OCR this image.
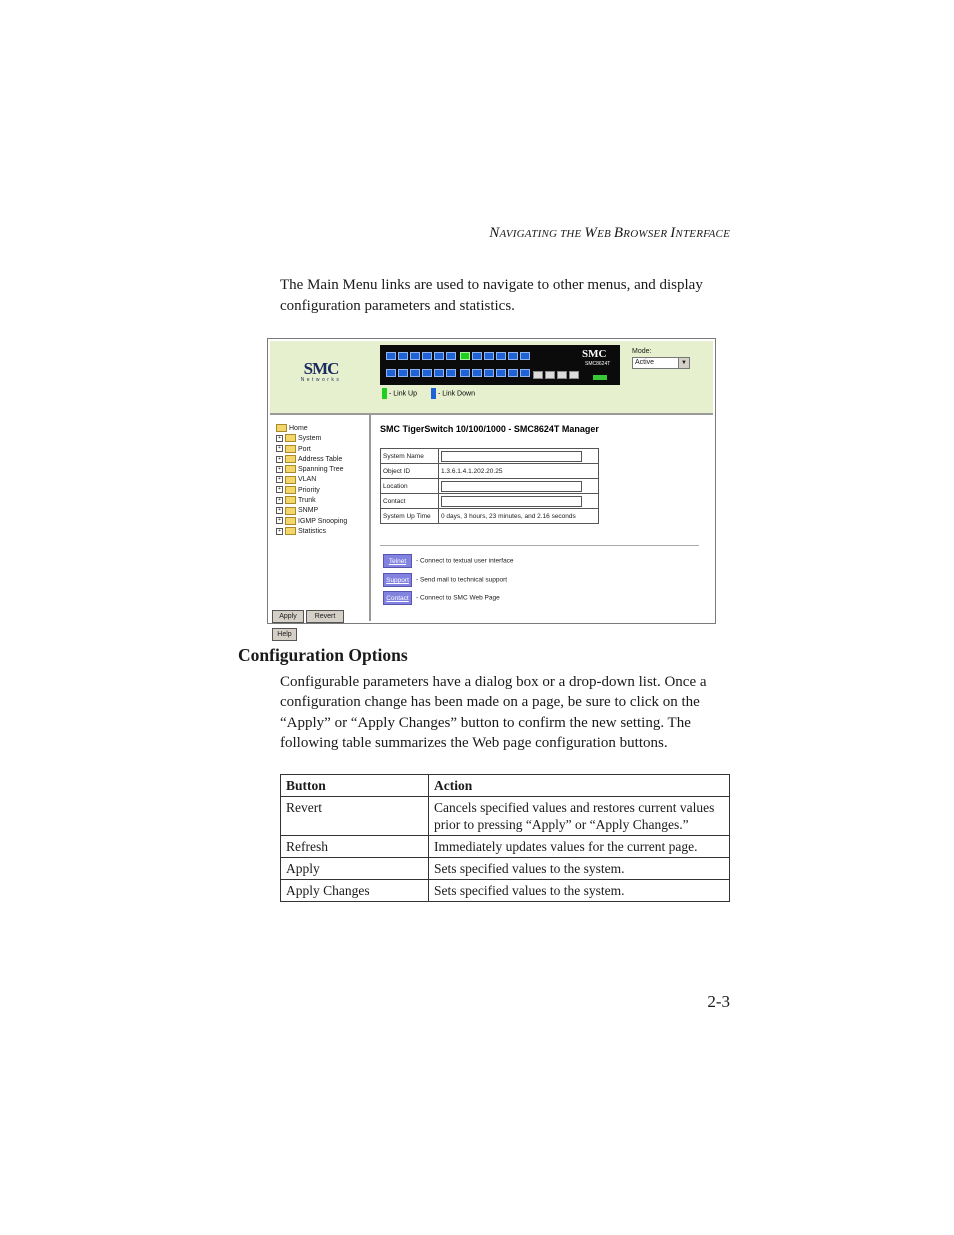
NAVIGATING THE WEB BROWSER INTERFACE
The Main Menu links are used to navigate to other menus, and display configuration parameters and statistics.
SMC
Networks
SMC
SMC8624T
- Link Up	- Link Down
Mode:
Active	▼
Home
+ System
+ Port
+ Address Table
+ Spanning Tree
+ VLAN
+ Priority
+ Trunk
+ SNMP
+ IGMP Snooping
+ Statistics
Apply	RevertHelp
SMC TigerSwitch 10/100/1000 - SMC8624T Manager
System Name	
Object ID	1.3.6.1.4.1.202.20.25
Location	
Contact	
System Up Time	0 days, 3 hours, 23 minutes, and 2.16 seconds
Telnet - Connect to textual user interface
Support - Send mail to technical support
Contact - Connect to SMC Web Page
Configuration Options
Configurable parameters have a dialog box or a drop-down list. Once a configuration change has been made on a page, be sure to click on the “Apply” or “Apply Changes” button to confirm the new setting. The following table summarizes the Web page configuration buttons.
Button	Action
Revert	Cancels specified values and restores current values prior to pressing “Apply” or “Apply Changes.”
Refresh	Immediately updates values for the current page.
Apply	Sets specified values to the system.
Apply Changes	Sets specified values to the system.
2-3
